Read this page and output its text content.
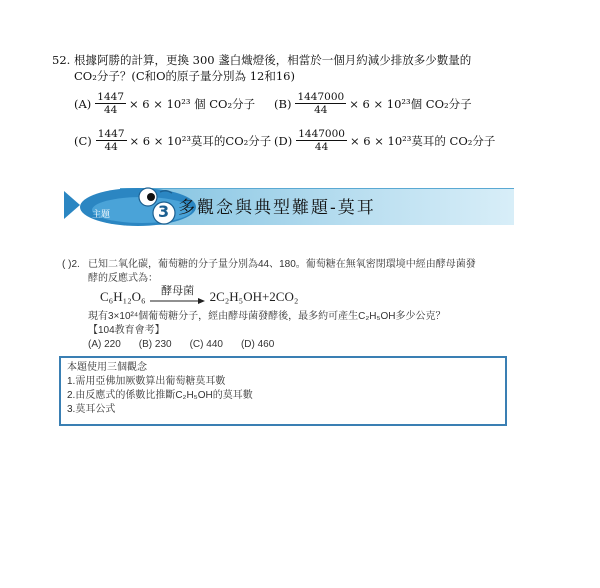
52. 根據阿勝的計算，更換 300 盞白熾燈後，相當於一個月約減少排放多少數量的
CO₂分子？(C和O的原子量分別為 12和16)
$(A) \frac{1447}{44} \times 6 \times 10^{23}$ 個 CO₂分子 $(B) \frac{1447000}{44} \times 6 \times 10^{23}$個 CO₂分子
$(C) \frac{1447}{44} \times 6 \times 10^{23}$莫耳的CO₂分子 $(D) \frac{1447000}{44} \times 6 \times 10^{23}$莫耳的 CO₂分子
主題	3 多觀念與典型難題-莫耳
( )2. 已知二氧化碳，葡萄糖的分子量分別為44、180。葡萄糖在無氧密閉環境中經由酵母菌發
酵的反應式為：
C₆H₁₂O₆ 酵母菌 2C₂H₅OH+2CO₂
現有3×10²⁴個葡萄糖分子，經由酵母菌發酵後，最多約可產生C₂H₅OH多少公克？
【104教育會考】
(A) 220 (B) 230 (C) 440 (D) 460
本題使用三個觀念
1.需用亞佛加厥數算出葡萄糖莫耳數
2.由反應式的係數比推斷C₂H₅OH的莫耳數
3.莫耳公式
